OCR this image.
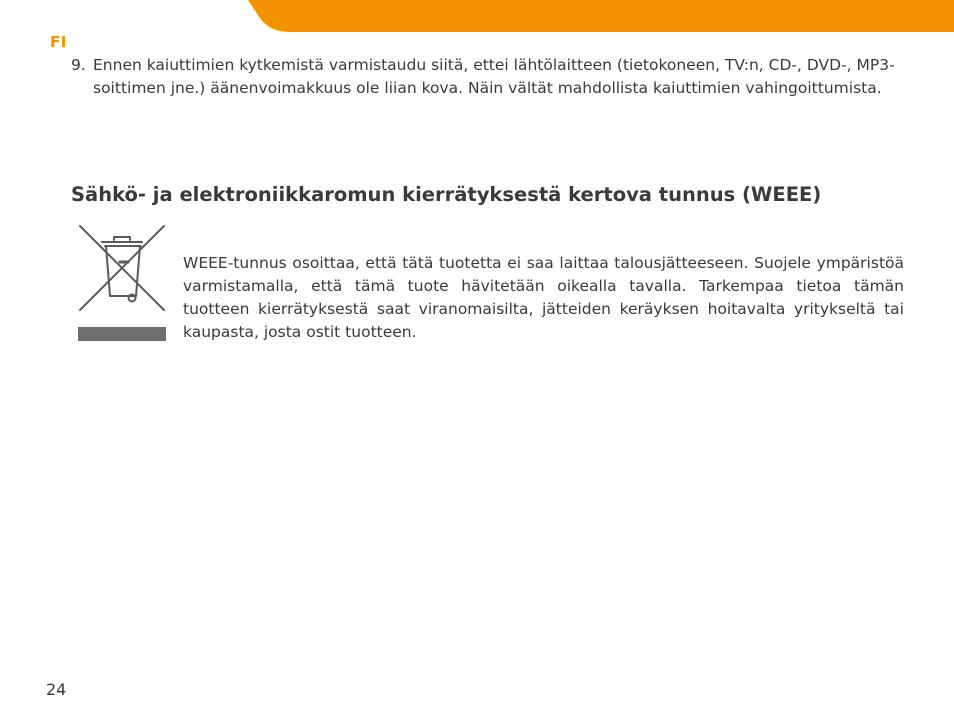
FI
9. Ennen kaiuttimien kytkemistä varmistaudu siitä, ettei lähtölaitteen (tietokoneen, TV:n, CD-, DVD-, MP3-soittimen jne.) äänenvoimakkuus ole liian kova. Näin vältät mahdollista kaiuttimien vahingoittumista.
Sähkö- ja elektroniikkaromun kierrätyksestä kertova tunnus (WEEE)
WEEE-tunnus osoittaa, että tätä tuotetta ei saa laittaa talousjätteeseen. Suojele ympäristöä varmistamalla, että tämä tuote hävitetään oikealla tavalla. Tarkempaa tietoa tämän tuotteen kierrätyksestä saat viranomaisilta, jätteiden keräyksen hoitavalta yritykseltä tai kaupasta, josta ostit tuotteen.
24
